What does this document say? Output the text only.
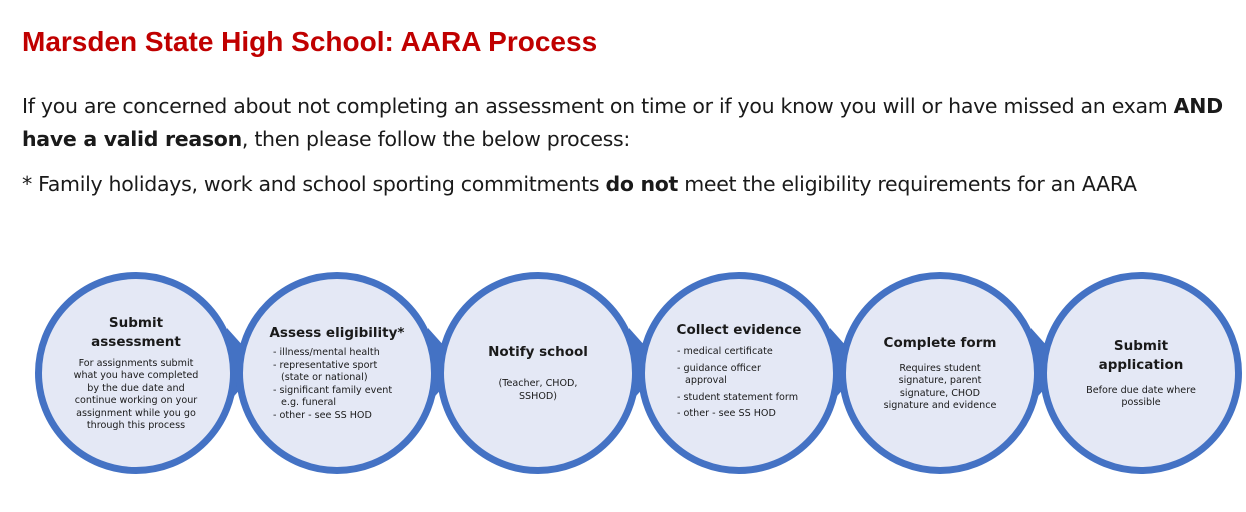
Marsden State High School: AARA Process

If you are concerned about not completing an assessment on time or if you know you will or have missed an exam AND have a valid reason, then please follow the below process:

* Family holidays, work and school sporting commitments do not meet the eligibility requirements for an AARA

Submit assessment
For assignments submit what you have completed by the due date and continue working on your assignment while you go through this process
Assess eligibility*
- illness/mental health
- representative sport (state or national)
- significant family event e.g. funeral
- other - see SS HOD
Notify school
(Teacher, CHOD, SSHOD)
Collect evidence
- medical certificate
- guidance officer approval
- student statement form
- other - see SS HOD
Complete form
Requires student signature, parent signature, CHOD signature and evidence
Submit application
Before due date where possible
